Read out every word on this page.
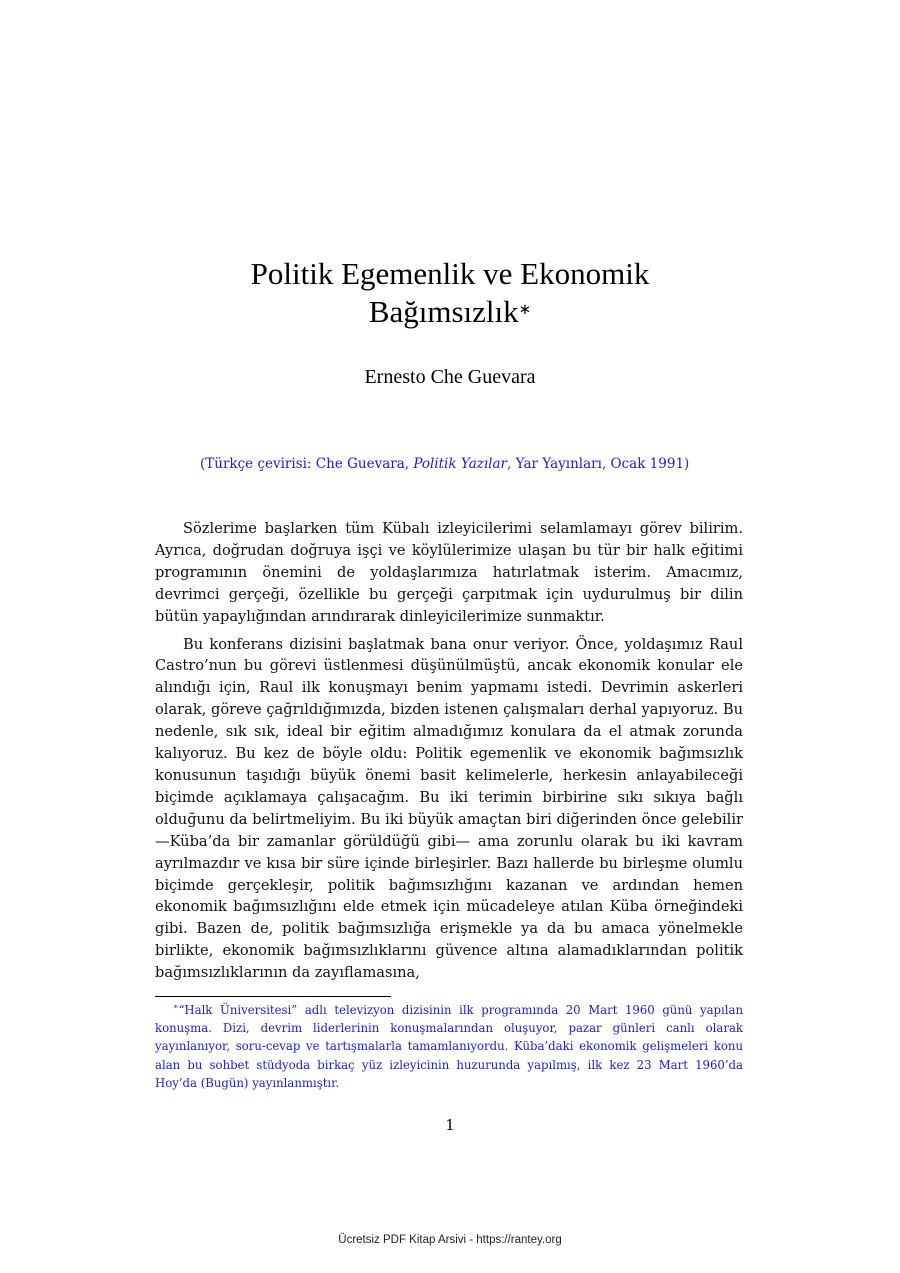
Politik Egemenlik ve Ekonomik
Bağımsızlık∗
Ernesto Che Guevara
(Türkçe çevirisi: Che Guevara, Politik Yazılar, Yar Yayınları, Ocak 1991)

Sözlerime başlarken tüm Kübalı izleyicilerimi selamlamayı görev bilirim. Ayrıca, doğrudan doğruya işçi ve köylülerimize ulaşan bu tür bir halk eğitimi programının önemini de yoldaşlarımıza hatırlatmak isterim. Amacımız, devrimci gerçeği, özellikle bu gerçeği çarpıtmak için uydurulmuş bir dilin bütün yapaylığından arındırarak dinleyicilerimize sunmaktır.

Bu konferans dizisini başlatmak bana onur veriyor. Önce, yoldaşımız Raul Castro’nun bu görevi üstlenmesi düşünülmüştü, ancak ekonomik konular ele alındığı için, Raul ilk konuşmayı benim yapmamı istedi. Devrimin askerleri olarak, göreve çağrıldığımızda, bizden istenen çalışmaları derhal yapıyoruz. Bu nedenle, sık sık, ideal bir eğitim almadığımız konulara da el atmak zorunda kalıyoruz. Bu kez de böyle oldu: Politik egemenlik ve ekonomik bağımsızlık konusunun taşıdığı büyük önemi basit kelimelerle, herkesin anlayabileceği biçimde açıklamaya çalışacağım. Bu iki terimin birbirine sıkı sıkıya bağlı olduğunu da belirtmeliyim. Bu iki büyük amaçtan biri diğerinden önce gelebilir —Küba’da bir zamanlar görüldüğü gibi— ama zorunlu olarak bu iki kavram ayrılmazdır ve kısa bir süre içinde birleşirler. Bazı hallerde bu birleşme olumlu biçimde gerçekleşir, politik bağımsızlığını kazanan ve ardından hemen ekonomik bağımsızlığını elde etmek için mücadeleye atılan Küba örneğindeki gibi. Bazen de, politik bağımsızlığa erişmekle ya da bu amaca yönelmekle birlikte, ekonomik bağımsızlıklarını güvence altına alamadıklarından politik bağımsızlıklarının da zayıflamasına,

∗“Halk Üniversitesi” adlı televizyon dizisinin ilk programında 20 Mart 1960 günü yapılan konuşma. Dizi, devrim liderlerinin konuşmalarından oluşuyor, pazar günleri canlı olarak yayınlanıyor, soru-cevap ve tartışmalarla tamamlanıyordu. Küba’daki ekonomik gelişmeleri konu alan bu sohbet stüdyoda birkaç yüz izleyicinin huzurunda yapılmış, ilk kez 23 Mart 1960’da Hoy’da (Bugün) yayınlanmıştır.
1
Ücretsiz PDF Kitap Arsivi - https://rantey.org
